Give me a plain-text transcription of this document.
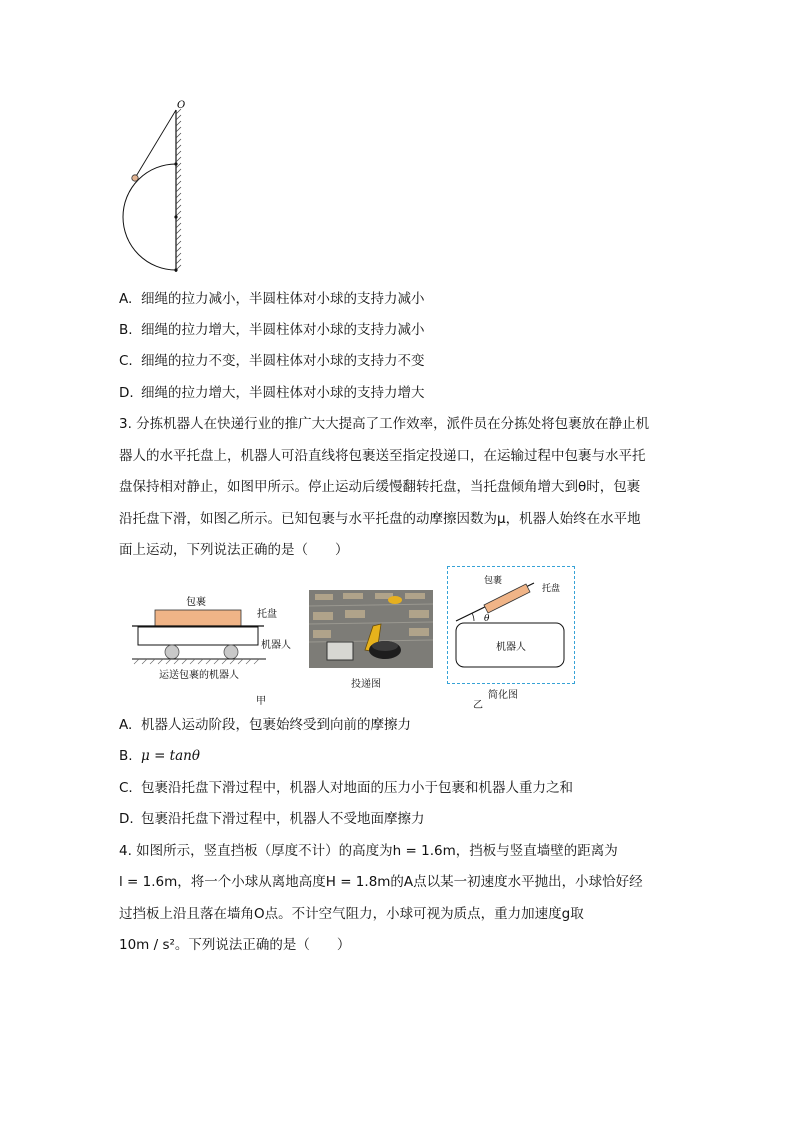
O
A. 细绳的拉力减小，半圆柱体对小球的支持力减小
B. 细绳的拉力增大，半圆柱体对小球的支持力减小
C. 细绳的拉力不变，半圆柱体对小球的支持力不变
D. 细绳的拉力增大，半圆柱体对小球的支持力增大
3. 分拣机器人在快递行业的推广大大提高了工作效率，派件员在分拣处将包裹放在静止机
器人的水平托盘上，机器人可沿直线将包裹送至指定投递口，在运输过程中包裹与水平托
盘保持相对静止，如图甲所示。停止运动后缓慢翻转托盘，当托盘倾角增大到θ时，包裹
沿托盘下滑，如图乙所示。已知包裹与水平托盘的动摩擦因数为μ，机器人始终在水平地
面上运动，下列说法正确的是（　　）
包裹
托盘
机器人
运送包裹的机器人
甲
投递图
包裹
托盘
θ
机器人
简化图
乙
A. 机器人运动阶段，包裹始终受到向前的摩擦力
B. μ = tanθ
C. 包裹沿托盘下滑过程中，机器人对地面的压力小于包裹和机器人重力之和
D. 包裹沿托盘下滑过程中，机器人不受地面摩擦力
4. 如图所示，竖直挡板（厚度不计）的高度为h = 1.6m，挡板与竖直墙壁的距离为
l = 1.6m，将一个小球从离地高度H = 1.8m的A点以某一初速度水平抛出，小球恰好经
过挡板上沿且落在墙角O点。不计空气阻力，小球可视为质点，重力加速度g取
10m / s²。下列说法正确的是（　　）
